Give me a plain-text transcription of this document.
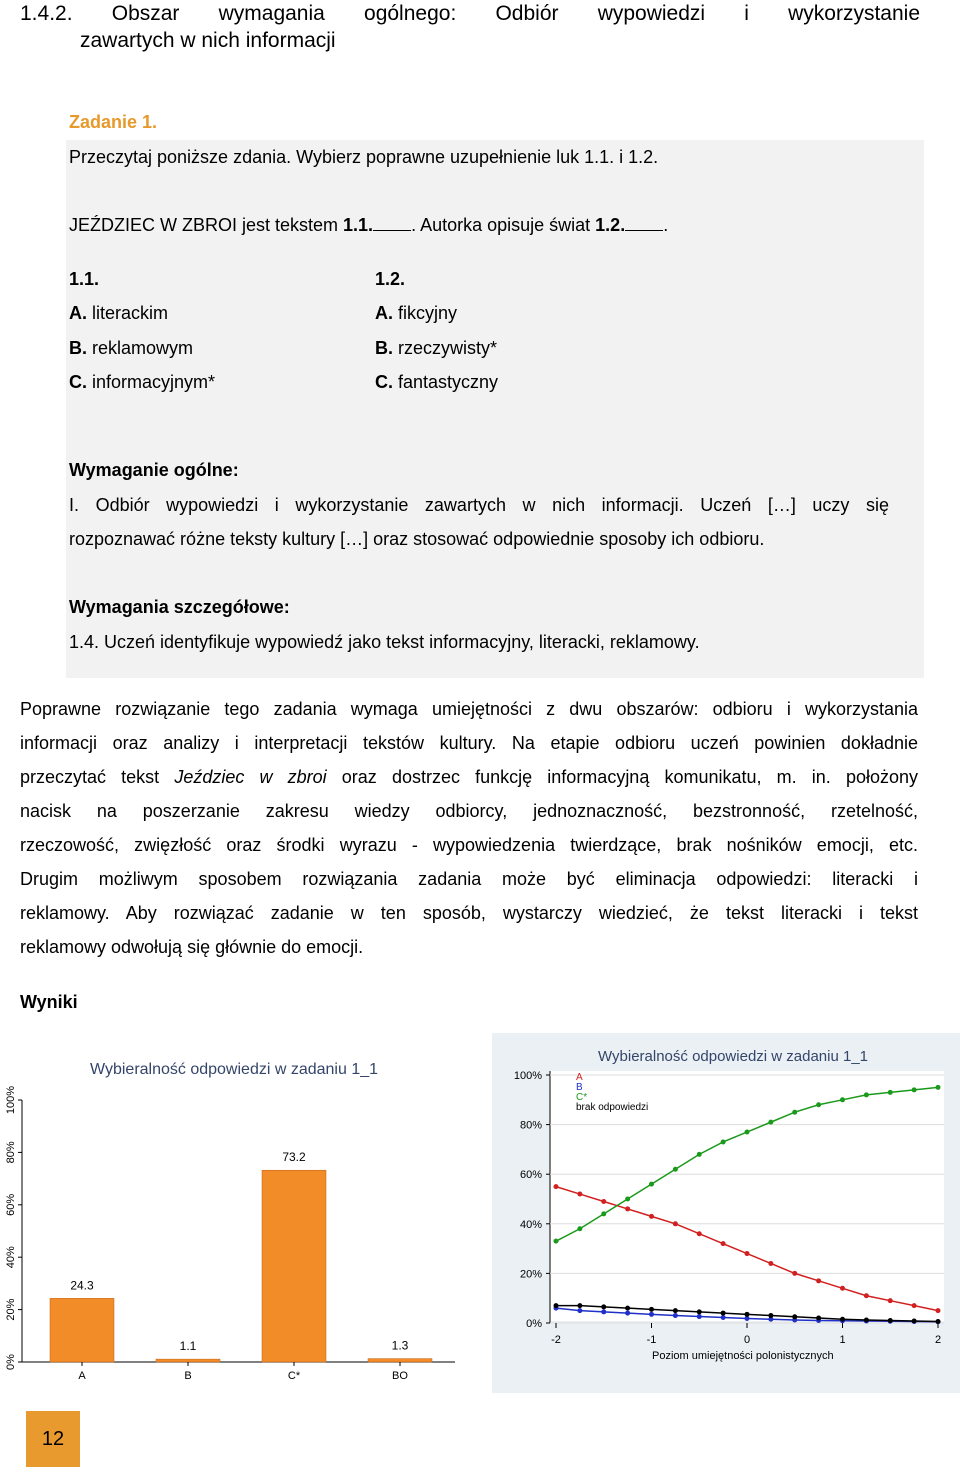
1.4.2. Obszar wymagania ogólnego: Odbiór wypowiedzi i wykorzystanie
zawartych w nich informacji
Zadanie 1.
Przeczytaj poniższe zdania. Wybierz poprawne uzupełnienie luk 1.1. i 1.2.
JEŹDZIEC W ZBROI jest tekstem 1.1. . Autorka opisuje świat 1.2. .
1.1.
A. literackim
B. reklamowym
C. informacyjnym*
1.2.
A. fikcyjny
B. rzeczywisty*
C. fantastyczny
Wymaganie ogólne:
I. Odbiór wypowiedzi i wykorzystanie zawartych w nich informacji. Uczeń […] uczy się
rozpoznawać różne teksty kultury […] oraz stosować odpowiednie sposoby ich odbioru.
Wymagania szczegółowe:
1.4. Uczeń identyfikuje wypowiedź jako tekst informacyjny, literacki, reklamowy.
Poprawne rozwiązanie tego zadania wymaga umiejętności z dwu obszarów: odbioru i wykorzystania
informacji oraz analizy i interpretacji tekstów kultury. Na etapie odbioru uczeń powinien dokładnie
przeczytać tekst Jeździec w zbroi oraz dostrzec funkcję informacyjną komunikatu, m. in. położony
nacisk na poszerzanie zakresu wiedzy odbiorcy, jednoznaczność, bezstronność, rzetelność,
rzeczowość, zwięzłość oraz środki wyrazu - wypowiedzenia twierdzące, brak nośników emocji, etc.
Drugim możliwym sposobem rozwiązania zadania może być eliminacja odpowiedzi: literacki i
reklamowy. Aby rozwiązać zadanie w ten sposób, wystarczy wiedzieć, że tekst literacki i tekst
reklamowy odwołują się głównie do emocji.
Wyniki
Wybieralność odpowiedzi w zadaniu 1_1
0%
20%
40%
60%
80%
100%
24.3
A
1.1
B
73.2
C*
1.3
BO
Wybieralność odpowiedzi w zadaniu 1_1
0%
20%
40%
60%
80%
100%
-2	-1	0	1	2
A
B
C*
brak odpowiedzi
Poziom umiejętności polonistycznych
12
